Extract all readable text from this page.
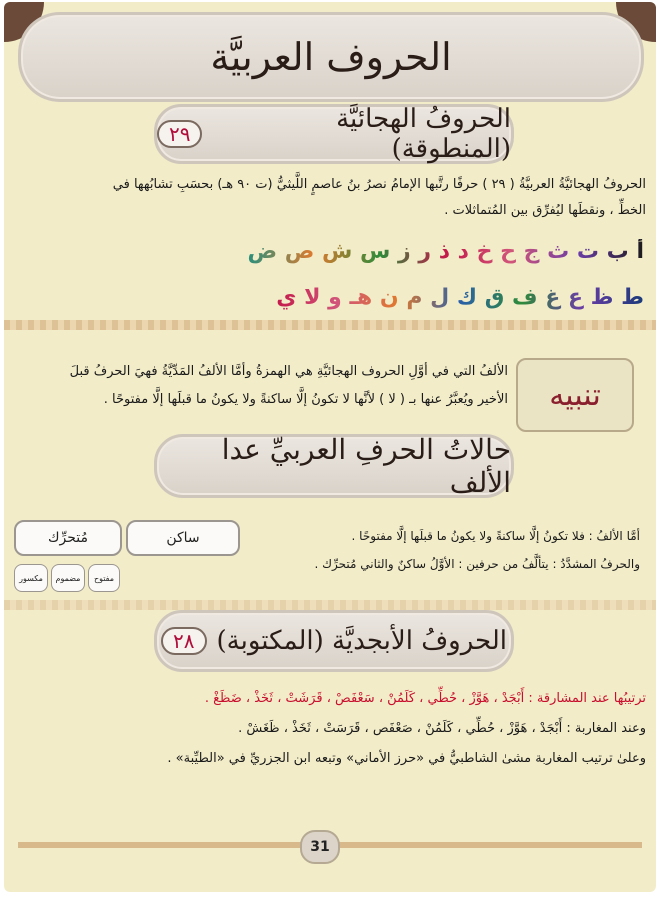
الحروف العربيَّة
الحروفُ الهجائيَّة (المنطوقة)
٢٩
الحروفُ الهجائيَّةُ العربيَّةُ ( ٢٩ ) حرفًا رتَّبها الإمامُ نصرُ بنُ عاصمٍ اللَّيثيُّ (ت ٩٠ هـ) بحسَبِ تشابُهها في
الخطِّ ، ونقطَها ليُفرِّق بين المُتماثلات .
أ ب ت ث ج ح خ د ذ ر ز س ش ص ض
ط ظ ع غ ف ق ك ل م ن هـ و لا ي
تنبيه
الألفُ التي في أوَّلِ الحروف الهجائيَّةِ هي الهمزةُ وأمَّا الألفُ المَدِّيَّةُ فهيَ الحرفُ قبلَ
الأخير ويُعبَّرُ عنها بـ ( لا ) لأنَّها لا تكونُ إلَّا ساكنةً ولا يكونُ ما قبلَها إلَّا مفتوحًا .
حالاتُ الحرفِ العربيِّ عدا الألف
ساكن
مُتحرِّك
مفتوح
مضموم
مكسور
أمَّا الألفُ : فلا تكونُ إلَّا ساكنةً ولا يكونُ ما قبلَها إلَّا مفتوحًا .
والحرفُ المشدَّدُ : يتألَّفُ من حرفين : الأوَّلُ ساكنٌ والثاني مُتحرِّك .
الحروفُ الأبجديَّة (المكتوبة)
٢٨
ترتيبُها عند المشارقة : أَبْجَدْ ، هَوَّزْ ، حُطِّي ، كَلَمُنْ ، سَعْفَصْ ، قَرَشَتْ ، ثَخَذْ ، ضَظَغْ .
وعند المغاربة : أَبْجَدْ ، هَوَّزْ ، حُطِّي ، كَلَمُنْ ، صَعْفَص ، قَرَسَتْ ، ثَخَذْ ، ظَغَشْ .
وعلىٰ ترتيب المغاربة مشىٰ الشاطبيُّ في «حرز الأماني» وتبعه ابن الجزريِّ في «الطيِّبة» .
31
